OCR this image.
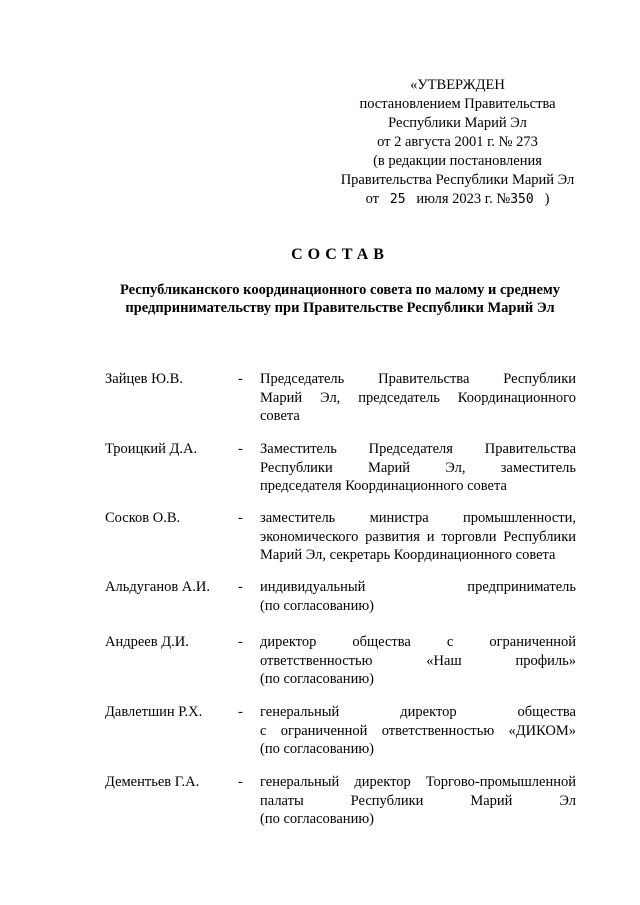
«УТВЕРЖДЕН
постановлением Правительства
Республики Марий Эл
от 2 августа 2001 г. № 273
(в редакции постановления
Правительства Республики Марий Эл
от 25 июля 2023 г. №350 )
СОСТАВ
Республиканского координационного совета по малому и среднему
предпринимательству при Правительстве Республики Марий Эл
Зайцев Ю.В.	- Председатель Правительства Республики
Марий Эл, председатель Координационного
совета
Троицкий Д.А.	- Заместитель Председателя Правительства
Республики Марий Эл, заместитель
председателя Координационного совета
Сосков О.В.	- заместитель министра промышленности,
экономического развития и торговли Республики
Марий Эл, секретарь Координационного совета
Альдуганов А.И. - индивидуальный предприниматель
(по согласованию)
Андреев Д.И.	- директор общества с ограниченной
ответственностью «Наш профиль»
(по согласованию)
Давлетшин Р.Х. - генеральный директор общества
с ограниченной ответственностью «ДИКОМ»
(по согласованию)
Дементьев Г.А.	- генеральный директор Торгово-промышленной
палаты Республики Марий Эл
(по согласованию)
